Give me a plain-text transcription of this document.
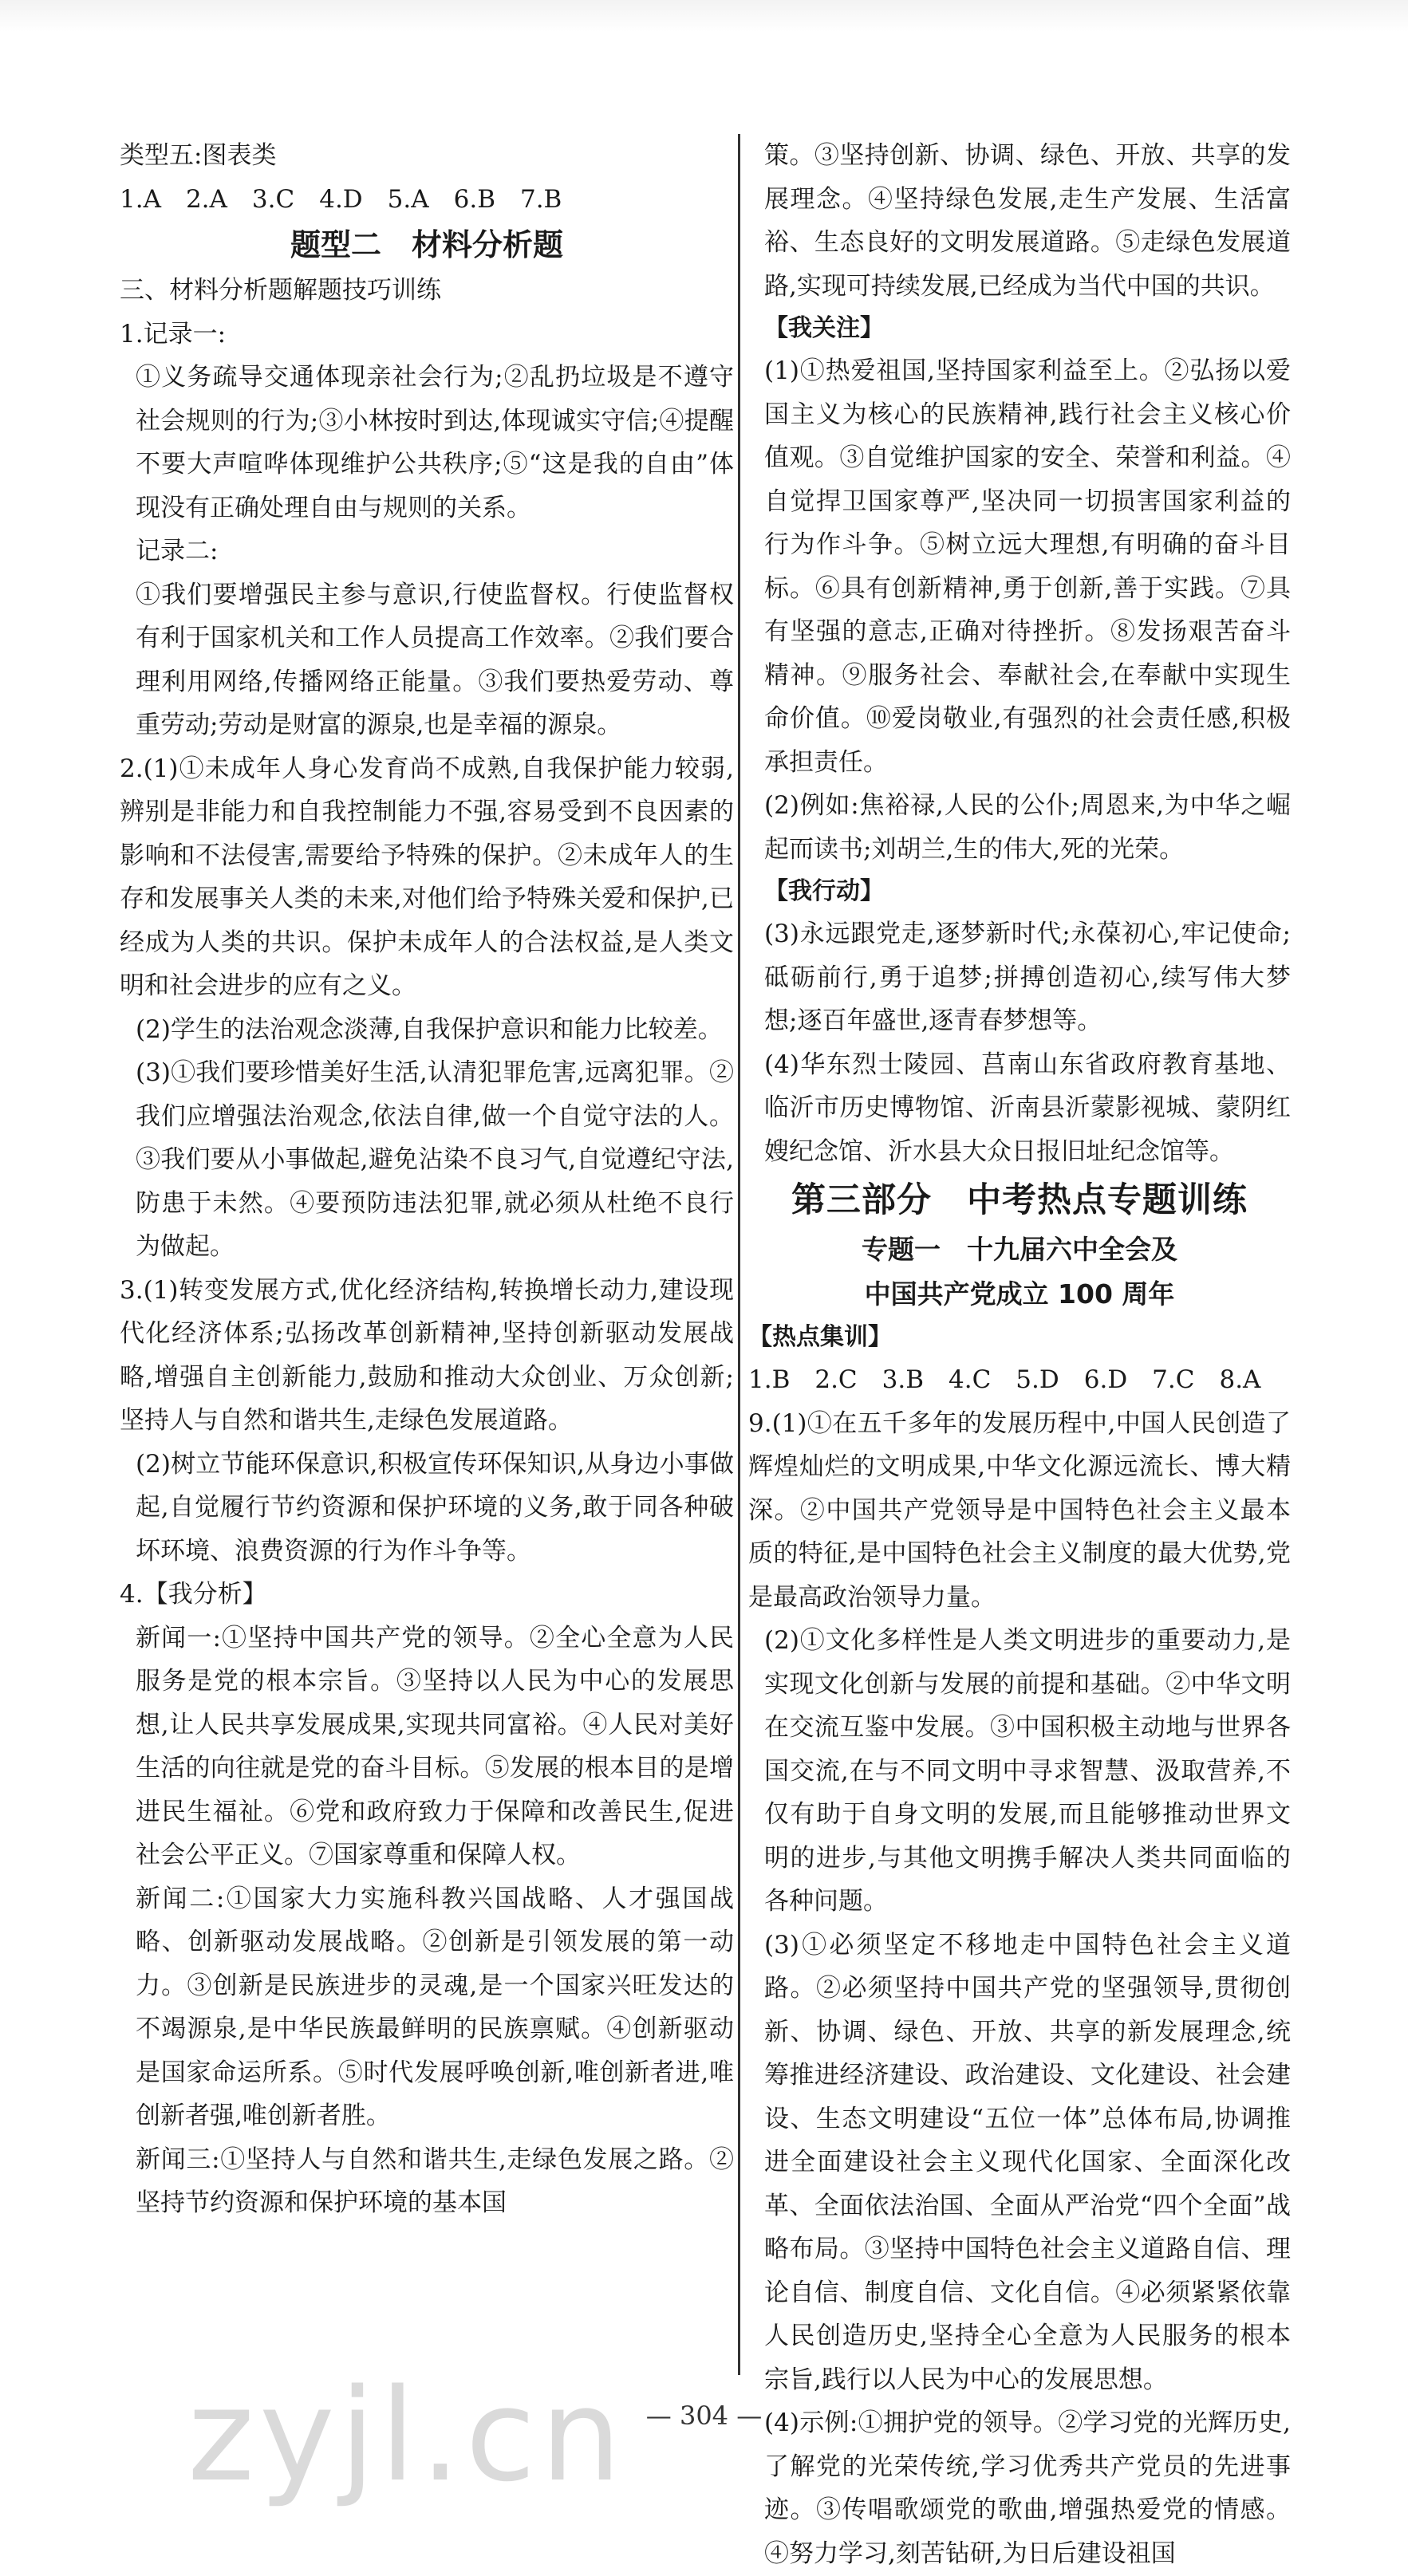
类型五:图表类

1.A　2.A　3.C　4.D　5.A　6.B　7.B

题型二　材料分析题

三、材料分析题解题技巧训练

1.记录一:

①义务疏导交通体现亲社会行为;②乱扔垃圾是不遵守社会规则的行为;③小林按时到达,体现诚实守信;④提醒不要大声喧哗体现维护公共秩序;⑤“这是我的自由”体现没有正确处理自由与规则的关系。

记录二:

①我们要增强民主参与意识,行使监督权。行使监督权有利于国家机关和工作人员提高工作效率。②我们要合理利用网络,传播网络正能量。③我们要热爱劳动、尊重劳动;劳动是财富的源泉,也是幸福的源泉。

2.(1)①未成年人身心发育尚不成熟,自我保护能力较弱,辨别是非能力和自我控制能力不强,容易受到不良因素的影响和不法侵害,需要给予特殊的保护。②未成年人的生存和发展事关人类的未来,对他们给予特殊关爱和保护,已经成为人类的共识。保护未成年人的合法权益,是人类文明和社会进步的应有之义。

(2)学生的法治观念淡薄,自我保护意识和能力比较差。

(3)①我们要珍惜美好生活,认清犯罪危害,远离犯罪。②我们应增强法治观念,依法自律,做一个自觉守法的人。③我们要从小事做起,避免沾染不良习气,自觉遵纪守法,防患于未然。④要预防违法犯罪,就必须从杜绝不良行为做起。

3.(1)转变发展方式,优化经济结构,转换增长动力,建设现代化经济体系;弘扬改革创新精神,坚持创新驱动发展战略,增强自主创新能力,鼓励和推动大众创业、万众创新;坚持人与自然和谐共生,走绿色发展道路。

(2)树立节能环保意识,积极宣传环保知识,从身边小事做起,自觉履行节约资源和保护环境的义务,敢于同各种破坏环境、浪费资源的行为作斗争等。

4.【我分析】

新闻一:①坚持中国共产党的领导。②全心全意为人民服务是党的根本宗旨。③坚持以人民为中心的发展思想,让人民共享发展成果,实现共同富裕。④人民对美好生活的向往就是党的奋斗目标。⑤发展的根本目的是增进民生福祉。⑥党和政府致力于保障和改善民生,促进社会公平正义。⑦国家尊重和保障人权。

新闻二:①国家大力实施科教兴国战略、人才强国战略、创新驱动发展战略。②创新是引领发展的第一动力。③创新是民族进步的灵魂,是一个国家兴旺发达的不竭源泉,是中华民族最鲜明的民族禀赋。④创新驱动是国家命运所系。⑤时代发展呼唤创新,唯创新者进,唯创新者强,唯创新者胜。

新闻三:①坚持人与自然和谐共生,走绿色发展之路。②坚持节约资源和保护环境的基本国

策。③坚持创新、协调、绿色、开放、共享的发展理念。④坚持绿色发展,走生产发展、生活富裕、生态良好的文明发展道路。⑤走绿色发展道路,实现可持续发展,已经成为当代中国的共识。

【我关注】

(1)①热爱祖国,坚持国家利益至上。②弘扬以爱国主义为核心的民族精神,践行社会主义核心价值观。③自觉维护国家的安全、荣誉和利益。④自觉捍卫国家尊严,坚决同一切损害国家利益的行为作斗争。⑤树立远大理想,有明确的奋斗目标。⑥具有创新精神,勇于创新,善于实践。⑦具有坚强的意志,正确对待挫折。⑧发扬艰苦奋斗精神。⑨服务社会、奉献社会,在奉献中实现生命价值。⑩爱岗敬业,有强烈的社会责任感,积极承担责任。

(2)例如:焦裕禄,人民的公仆;周恩来,为中华之崛起而读书;刘胡兰,生的伟大,死的光荣。

【我行动】

(3)永远跟党走,逐梦新时代;永葆初心,牢记使命;砥砺前行,勇于追梦;拼搏创造初心,续写伟大梦想;逐百年盛世,逐青春梦想等。

(4)华东烈士陵园、莒南山东省政府教育基地、临沂市历史博物馆、沂南县沂蒙影视城、蒙阴红嫂纪念馆、沂水县大众日报旧址纪念馆等。

第三部分　中考热点专题训练

专题一　十九届六中全会及

中国共产党成立 100 周年

【热点集训】

1.B　2.C　3.B　4.C　5.D　6.D　7.C　8.A

9.(1)①在五千多年的发展历程中,中国人民创造了辉煌灿烂的文明成果,中华文化源远流长、博大精深。②中国共产党领导是中国特色社会主义最本质的特征,是中国特色社会主义制度的最大优势,党是最高政治领导力量。

(2)①文化多样性是人类文明进步的重要动力,是实现文化创新与发展的前提和基础。②中华文明在交流互鉴中发展。③中国积极主动地与世界各国交流,在与不同文明中寻求智慧、汲取营养,不仅有助于自身文明的发展,而且能够推动世界文明的进步,与其他文明携手解决人类共同面临的各种问题。

(3)①必须坚定不移地走中国特色社会主义道路。②必须坚持中国共产党的坚强领导,贯彻创新、协调、绿色、开放、共享的新发展理念,统筹推进经济建设、政治建设、文化建设、社会建设、生态文明建设“五位一体”总体布局,协调推进全面建设社会主义现代化国家、全面深化改革、全面依法治国、全面从严治党“四个全面”战略布局。③坚持中国特色社会主义道路自信、理论自信、制度自信、文化自信。④必须紧紧依靠人民创造历史,坚持全心全意为人民服务的根本宗旨,践行以人民为中心的发展思想。

(4)示例:①拥护党的领导。②学习党的光辉历史,了解党的光荣传统,学习优秀共产党员的先进事迹。③传唱歌颂党的歌曲,增强热爱党的情感。④努力学习,刻苦钻研,为日后建设祖国

zyjl.cn — 304 —
